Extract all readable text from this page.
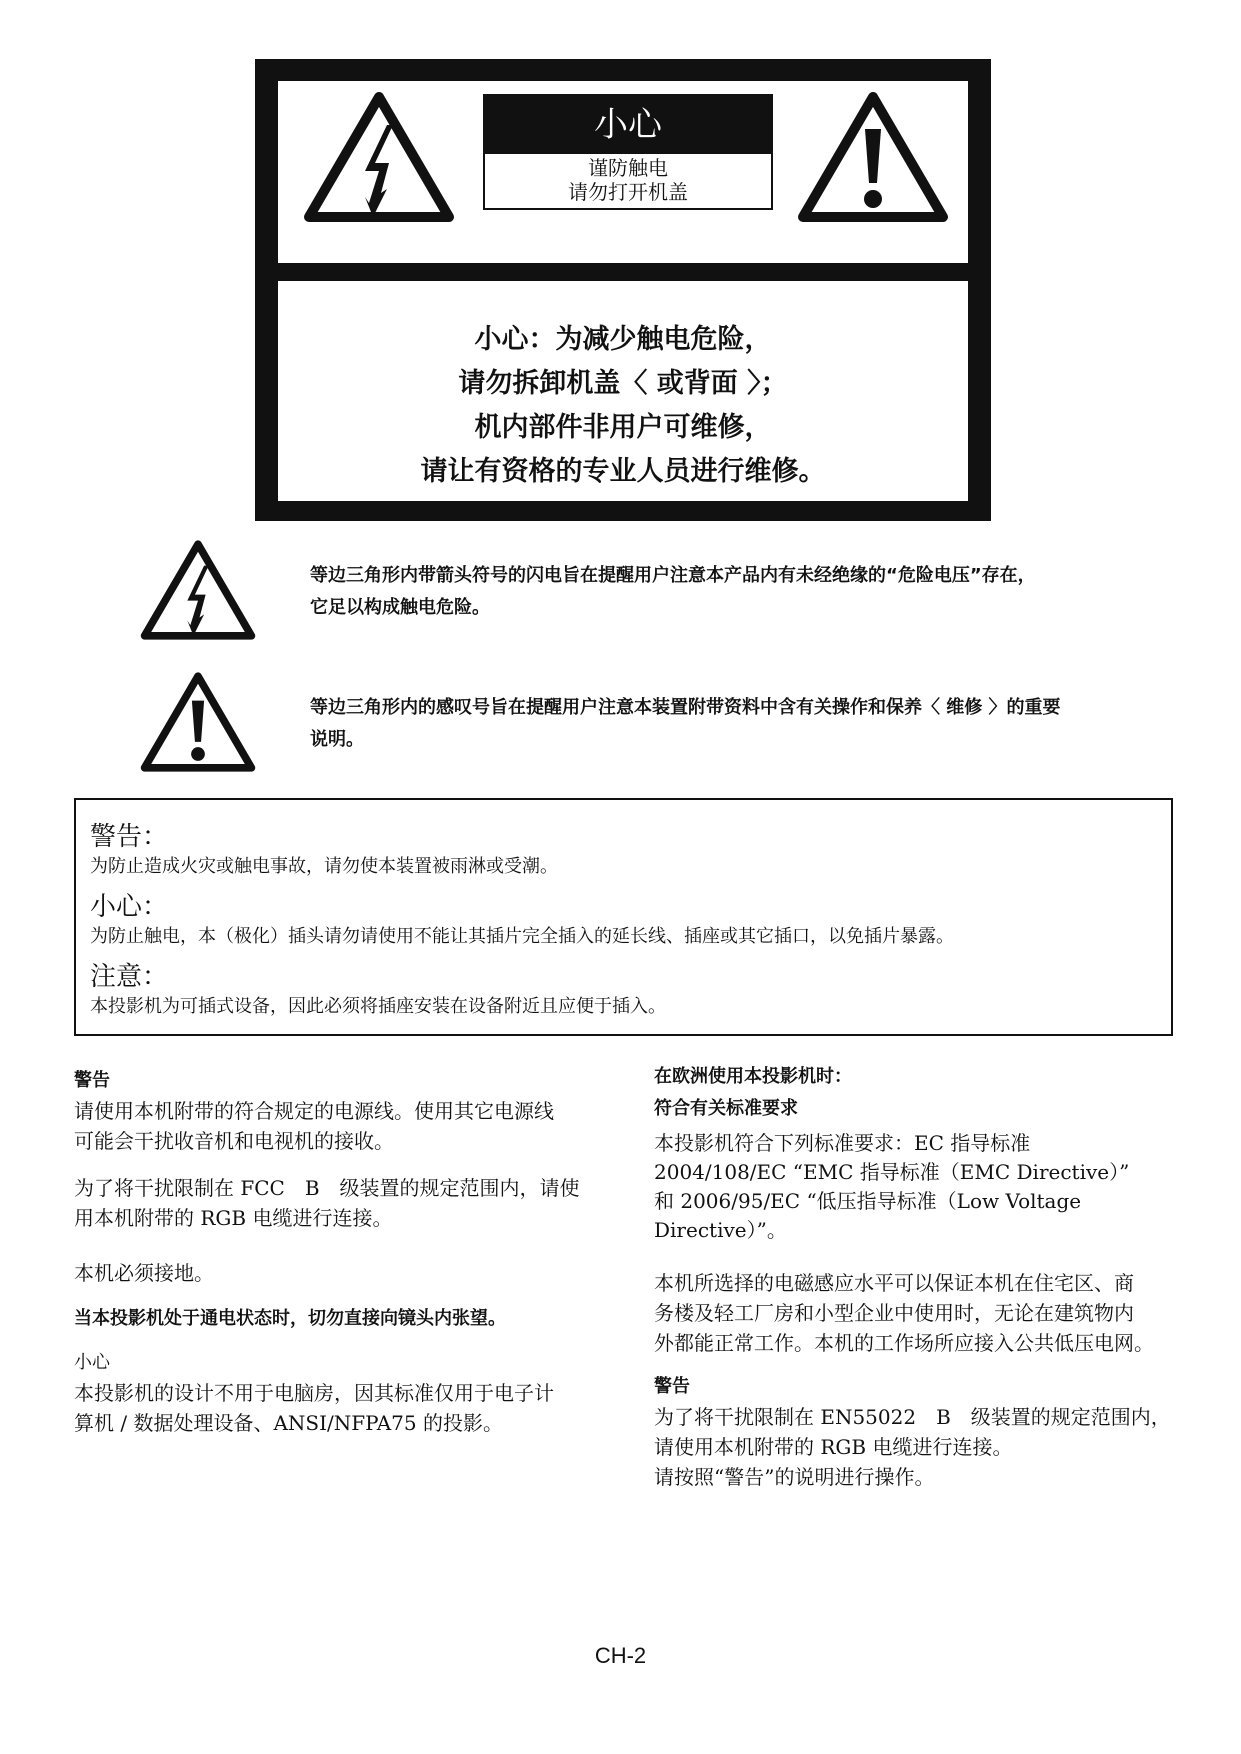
小心
谨防触电
请勿打开机盖
小心：为减少触电危险，
请勿拆卸机盖〈 或背面 〉；
机内部件非用户可维修，
请让有资格的专业人员进行维修。
等边三角形内带箭头符号的闪电旨在提醒用户注意本产品内有未经绝缘的“危险电压”存在，
它足以构成触电危险。
等边三角形内的感叹号旨在提醒用户注意本装置附带资料中含有关操作和保养〈 维修 〉的重要
说明。
警告：
为防止造成火灾或触电事故，请勿使本装置被雨淋或受潮。
小心：
为防止触电，本（极化）插头请勿请使用不能让其插片完全插入的延长线、插座或其它插口，以免插片暴露。
注意：
本投影机为可插式设备，因此必须将插座安装在设备附近且应便于插入。
警告
请使用本机附带的符合规定的电源线。使用其它电源线
可能会干扰收音机和电视机的接收。
为了将干扰限制在 FCC　B　级装置的规定范围内，请使
用本机附带的 RGB 电缆进行连接。
本机必须接地。
当本投影机处于通电状态时，切勿直接向镜头内张望。
小心
本投影机的设计不用于电脑房，因其标准仅用于电子计
算机 / 数据处理设备、ANSI/NFPA75 的投影。
在欧洲使用本投影机时：
符合有关标准要求
本投影机符合下列标准要求：EC 指导标准
2004/108/EC “EMC 指导标准（EMC Directive）”
和 2006/95/EC “低压指导标准（Low Voltage
Directive）”。
本机所选择的电磁感应水平可以保证本机在住宅区、商
务楼及轻工厂房和小型企业中使用时，无论在建筑物内
外都能正常工作。本机的工作场所应接入公共低压电网。
警告
为了将干扰限制在 EN55022　B　级装置的规定范围内，
请使用本机附带的 RGB 电缆进行连接。
请按照“警告”的说明进行操作。
CH-2
